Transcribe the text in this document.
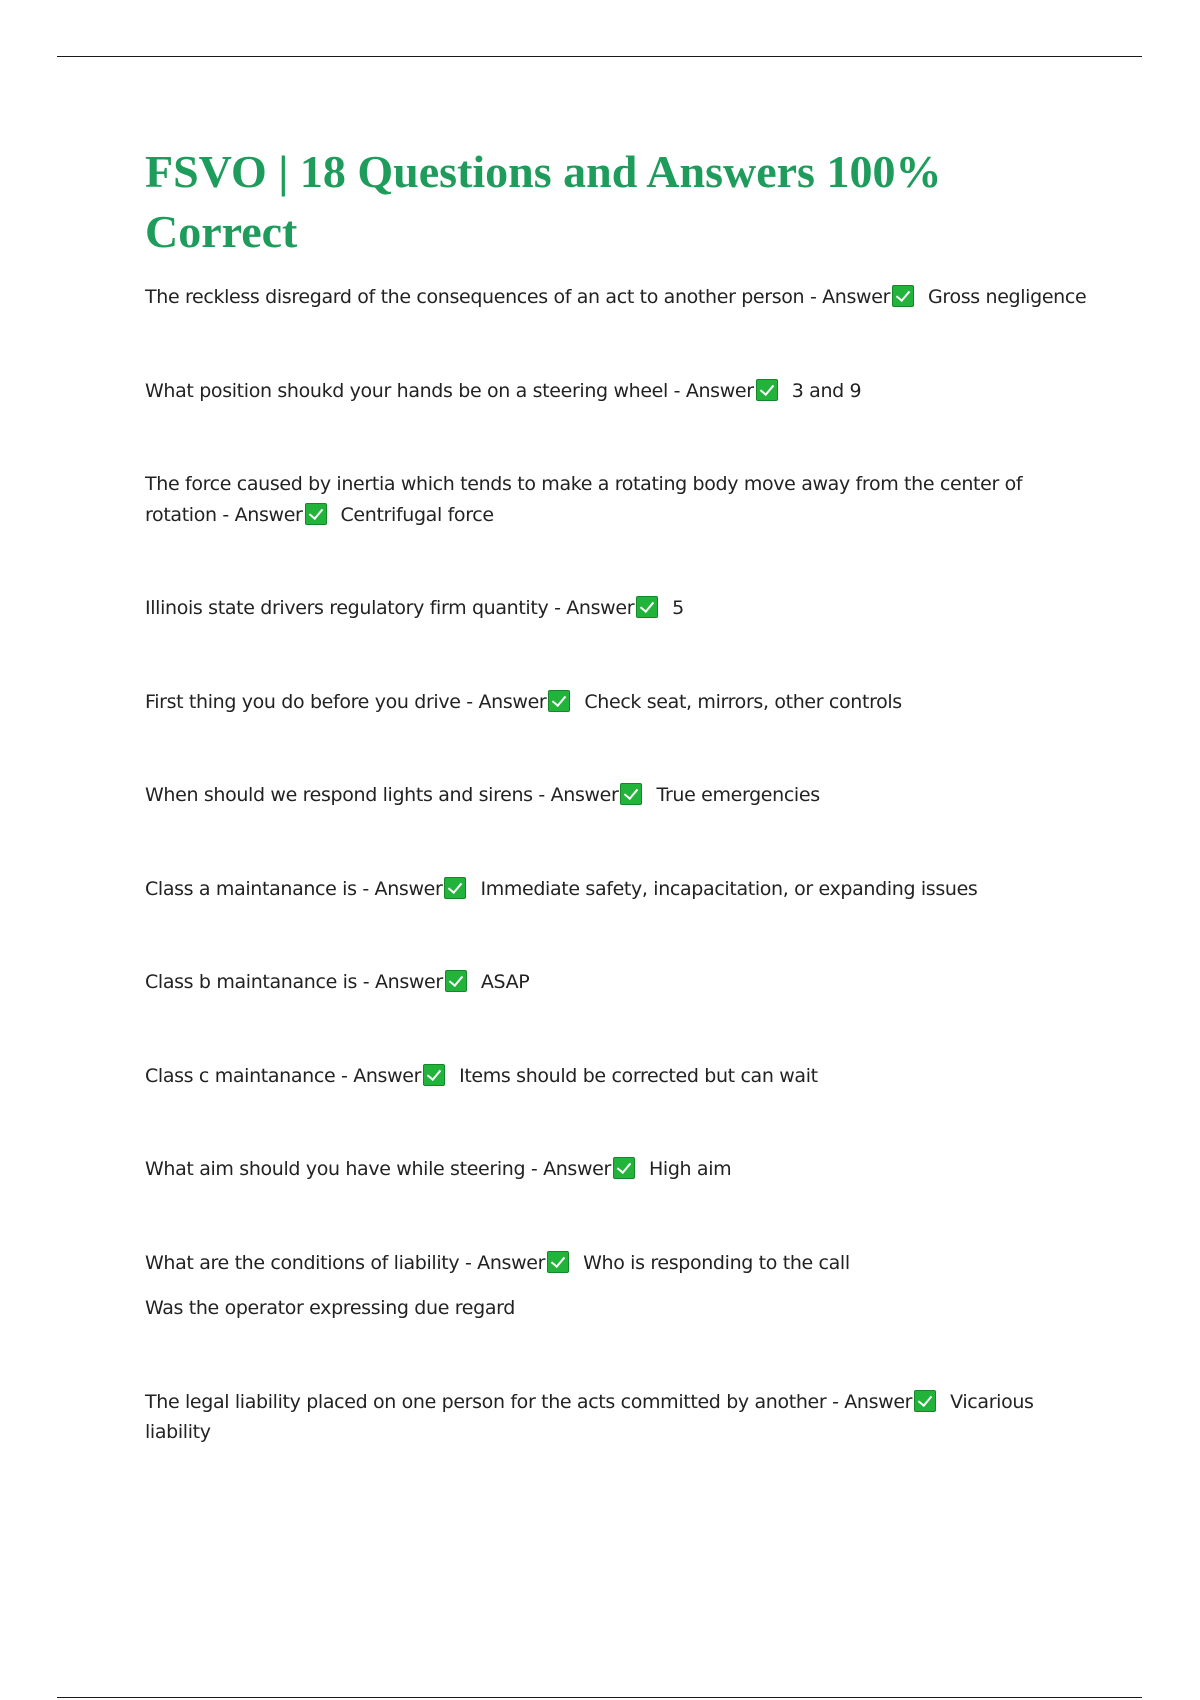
FSVO | 18 Questions and Answers 100% Correct
The reckless disregard of the consequences of an act to another person - Answer Gross negligence
What position shoukd your hands be on a steering wheel - Answer 3 and 9
The force caused by inertia which tends to make a rotating body move away from the center of rotation - Answer Centrifugal force
Illinois state drivers regulatory firm quantity - Answer 5
First thing you do before you drive - Answer Check seat, mirrors, other controls
When should we respond lights and sirens - Answer True emergencies
Class a maintanance is - Answer Immediate safety, incapacitation, or expanding issues
Class b maintanance is - Answer ASAP
Class c maintanance - Answer Items should be corrected but can wait
What aim should you have while steering - Answer High aim
What are the conditions of liability - Answer Who is responding to the call
Was the operator expressing due regard
The legal liability placed on one person for the acts committed by another - Answer Vicarious liability
